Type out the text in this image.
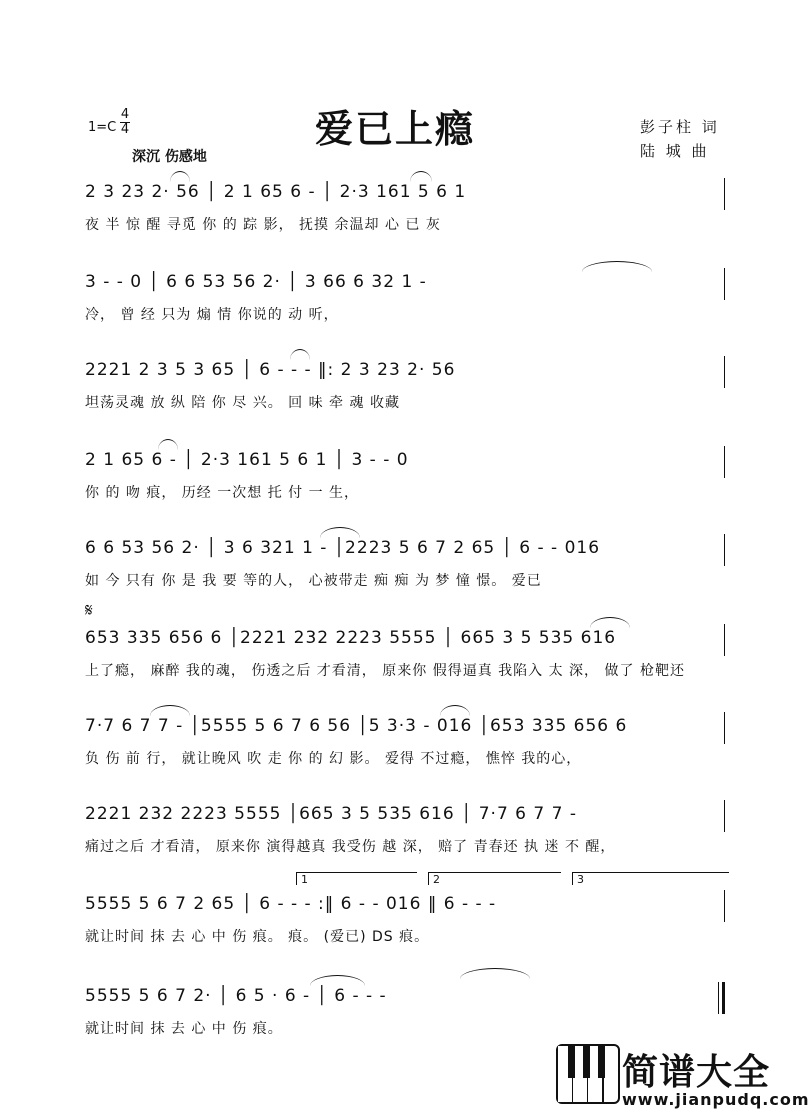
爱已上瘾
1=C
4
4
深沉 伤感地
彭子柱 词
陆 城 曲
2 3 23 2· 56 │ 2 1 65 6 - │ 2·3 161 5 6 1
夜 半 惊 醒 寻觅 你 的 踪 影， 抚摸 余温却 心 已 灰
3 - - 0 │ 6 6 53 56 2· │ 3 66 6 32 1 -
冷， 曾 经 只为 煽 情 你说的 动 听，
2221 2 3 5 3 65 │ 6 - - - ‖: 2 3 23 2· 56
坦荡灵魂 放 纵 陪 你 尽 兴。 回 味 牵 魂 收藏
2 1 65 6 - │ 2·3 161 5 6 1 │ 3 - - 0
你 的 吻 痕， 历经 一次想 托 付 一 生，
6 6 53 56 2· │ 3 6 321 1 - │2223 5 6 7 2 65 │ 6 - - 016
如 今 只有 你 是 我 要 等的人， 心被带走 痴 痴 为 梦 憧 憬。 爱已
𝄋
653 335 656 6 │2221 232 2223 5555 │ 665 3 5 535 616
上了瘾， 麻醉 我的魂， 伤透之后 才看清， 原来你 假得逼真 我陷入 太 深， 做了 枪靶还
7·7 6 7 7 - │5555 5 6 7 6 56 │5 3·3 - 016 │653 335 656 6
负 伤 前 行， 就让晚风 吹 走 你 的 幻 影。 爱得 不过瘾， 憔悴 我的心，
2221 232 2223 5555 │665 3 5 535 616 │ 7·7 6 7 7 -
痛过之后 才看清， 原来你 演得越真 我受伤 越 深， 赔了 青春还 执 迷 不 醒，
1	2	3
5555 5 6 7 2 65 │ 6 - - - :‖ 6 - - 016 ‖ 6 - - -
就让时间 抹 去 心 中 伤 痕。 痕。 (爱已) DS 痕。
5555 5 6 7 2· │ 6 5 · 6 - │ 6 - - -
就让时间 抹 去 心 中 伤 痕。
简谱大全
www.jianpudq.com
